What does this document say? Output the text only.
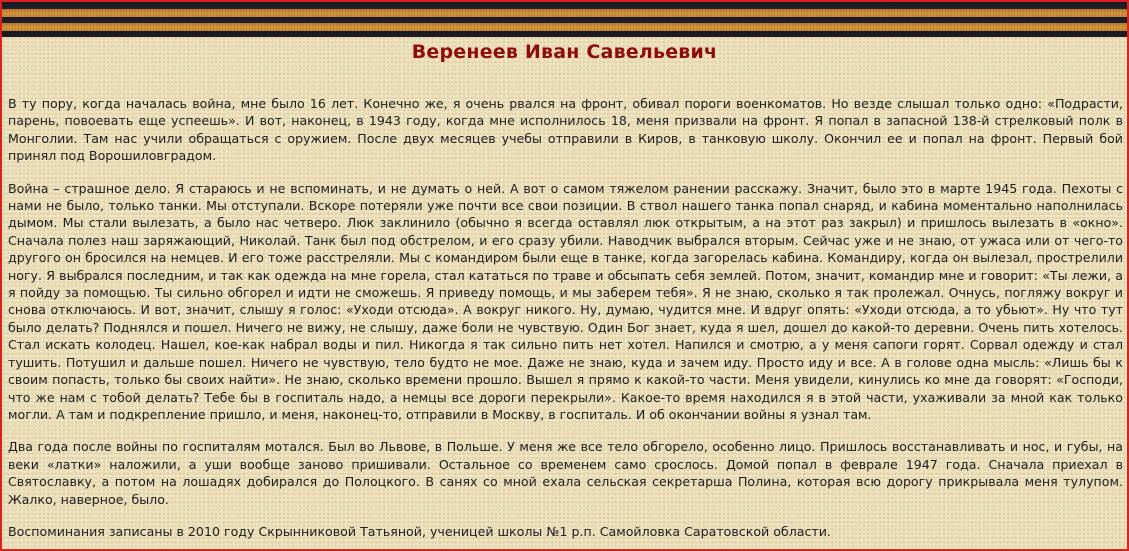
Веренеев Иван Савельевич

В ту пору, когда началась война, мне было 16 лет. Конечно же, я очень рвался на фронт, обивал пороги военкоматов. Но везде слышал только одно: «Подрасти, парень, повоевать еще успеешь». И вот, наконец, в 1943 году, когда мне исполнилось 18, меня призвали на фронт. Я попал в запасной 138-й стрелковый полк в Монголии. Там нас учили обращаться с оружием. После двух месяцев учебы отправили в Киров, в танковую школу. Окончил ее и попал на фронт. Первый бой принял под Ворошиловградом.

Война – страшное дело. Я стараюсь и не вспоминать, и не думать о ней. А вот о самом тяжелом ранении расскажу. Значит, было это в марте 1945 года. Пехоты с нами не было, только танки. Мы отступали. Вскоре потеряли уже почти все свои позиции. В ствол нашего танка попал снаряд, и кабина моментально наполнилась дымом. Мы стали вылезать, а было нас четверо. Люк заклинило (обычно я всегда оставлял люк открытым, а на этот раз закрыл) и пришлось вылезать в «окно». Сначала полез наш заряжающий, Николай. Танк был под обстрелом, и его сразу убили. Наводчик выбрался вторым. Сейчас уже и не знаю, от ужаса или от чего-то другого он бросился на немцев. И его тоже расстреляли. Мы с командиром были еще в танке, когда загорелась кабина. Командиру, когда он вылезал, прострелили ногу. Я выбрался последним, и так как одежда на мне горела, стал кататься по траве и обсыпать себя землей. Потом, значит, командир мне и говорит: «Ты лежи, а я пойду за помощью. Ты сильно обгорел и идти не сможешь. Я приведу помощь, и мы заберем тебя». Я не знаю, сколько я так пролежал. Очнусь, погляжу вокруг и снова отключаюсь. И вот, значит, слышу я голос: «Уходи отсюда». А вокруг никого. Ну, думаю, чудится мне. И вдруг опять: «Уходи отсюда, а то убьют». Ну что тут было делать? Поднялся и пошел. Ничего не вижу, не слышу, даже боли не чувствую. Один Бог знает, куда я шел, дошел до какой-то деревни. Очень пить хотелось. Стал искать колодец. Нашел, кое-как набрал воды и пил. Никогда я так сильно пить нет хотел. Напился и смотрю, а у меня сапоги горят. Сорвал одежду и стал тушить. Потушил и дальше пошел. Ничего не чувствую, тело будто не мое. Даже не знаю, куда и зачем иду. Просто иду и все. А в голове одна мысль: «Лишь бы к своим попасть, только бы своих найти». Не знаю, сколько времени прошло. Вышел я прямо к какой-то части. Меня увидели, кинулись ко мне да говорят: «Господи, что же нам с тобой делать? Тебе бы в госпиталь надо, а немцы все дороги перекрыли». Какое-то время находился я в этой части, ухаживали за мной как только могли. А там и подкрепление пришло, и меня, наконец-то, отправили в Москву, в госпиталь. И об окончании войны я узнал там.

Два года после войны по госпиталям мотался. Был во Львове, в Польше. У меня же все тело обгорело, особенно лицо. Пришлось восстанавливать и нос, и губы, на веки «латки» наложили, а уши вообще заново пришивали. Остальное со временем само срослось. Домой попал в феврале 1947 года. Сначала приехал в Святославку, а потом на лошадях добирался до Полоцкого. В санях со мной ехала сельская секретарша Полина, которая всю дорогу прикрывала меня тулупом. Жалко, наверное, было.

Воспоминания записаны в 2010 году Скрынниковой Татьяной, ученицей школы №1 р.п. Самойловка Саратовской области.
